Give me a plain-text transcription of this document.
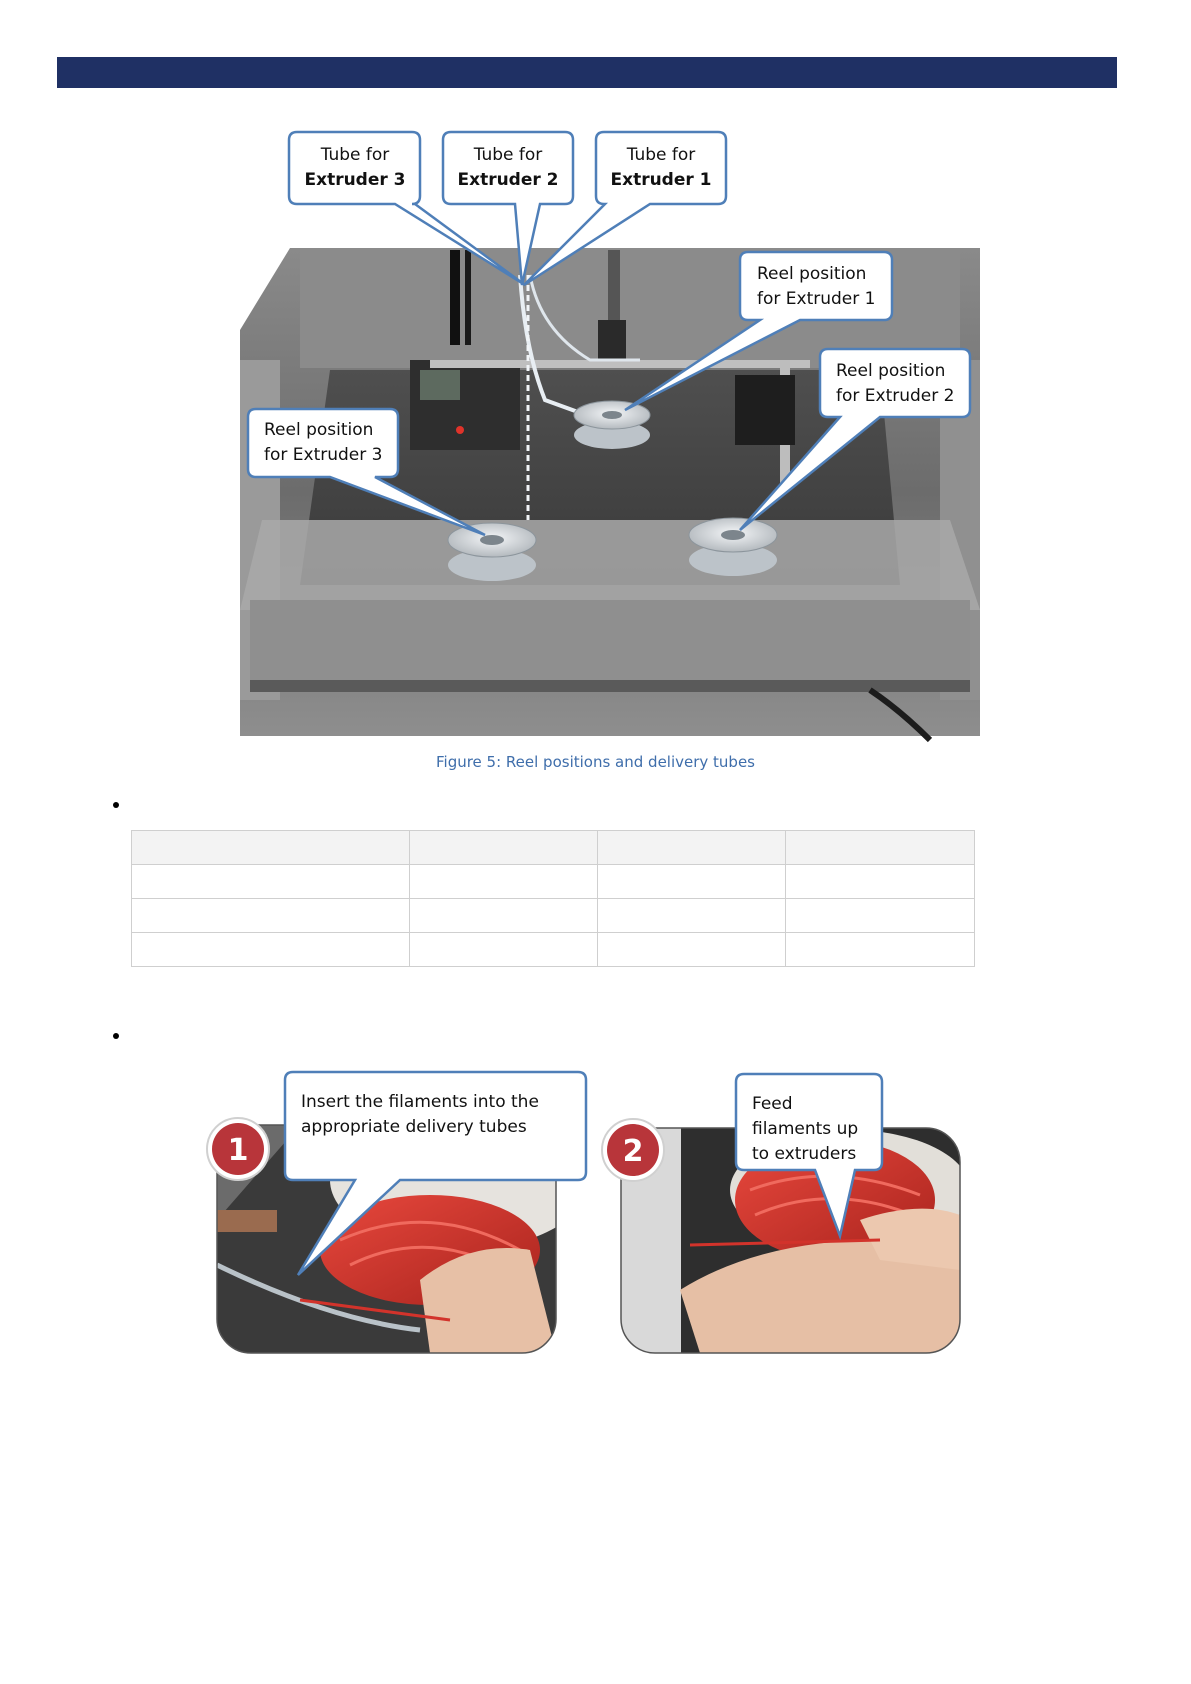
Tube for
Extruder 3
Tube for
Extruder 2
Tube for
Extruder 1
Reel position
for Extruder 1
Reel position
for Extruder 2
Reel position
for Extruder 3
Figure 5: Reel positions and delivery tubes

Insert the filaments into the
appropriate delivery tubes
Feed
filaments up
to extruders
1	2
